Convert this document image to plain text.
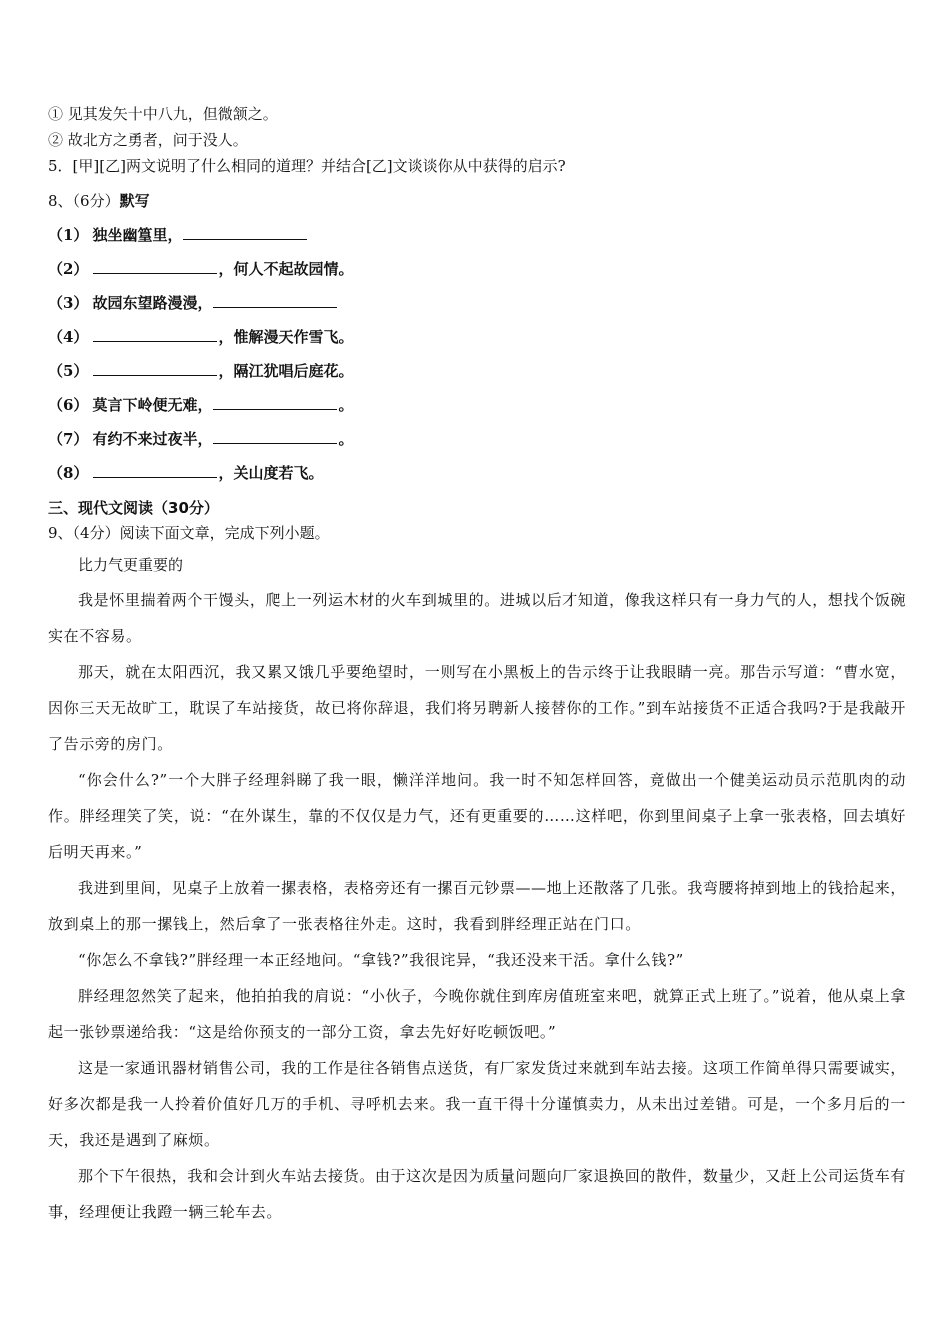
① 见其发矢十中八九，但微颔之。
② 故北方之勇者，问于没人。
5．[甲][乙]两文说明了什么相同的道理？并结合[乙]文谈谈你从中获得的启示?
8、（6分）默写
（1） 独坐幽篁里，
（2）	，何人不起故园情。
（3） 故园东望路漫漫，
（4）	，惟解漫天作雪飞。
（5）	，隔江犹唱后庭花。
（6） 莫言下岭便无难，	。
（7） 有约不来过夜半，	。
（8）	，关山度若飞。
三、现代文阅读（30分）
9、（4分）阅读下面文章，完成下列小题。
比力气更重要的
我是怀里揣着两个干馒头，爬上一列运木材的火车到城里的。进城以后才知道，像我这样只有一身力气的人，想找个饭碗实在不容易。
那天，就在太阳西沉，我又累又饿几乎要绝望时，一则写在小黑板上的告示终于让我眼睛一亮。那告示写道：“曹水宽，因你三天无故旷工，耽误了车站接货，故已将你辞退，我们将另聘新人接替你的工作。”到车站接货不正适合我吗?于是我敲开了告示旁的房门。
“你会什么?”一个大胖子经理斜睇了我一眼，懒洋洋地问。我一时不知怎样回答，竟做出一个健美运动员示范肌肉的动作。胖经理笑了笑，说：“在外谋生，靠的不仅仅是力气，还有更重要的……这样吧，你到里间桌子上拿一张表格，回去填好后明天再来。”
我进到里间，见桌子上放着一摞表格，表格旁还有一摞百元钞票——地上还散落了几张。我弯腰将掉到地上的钱拾起来，放到桌上的那一摞钱上，然后拿了一张表格往外走。这时，我看到胖经理正站在门口。
“你怎么不拿钱?”胖经理一本正经地问。“拿钱?”我很诧异，“我还没来干活。拿什么钱?”
胖经理忽然笑了起来，他拍拍我的肩说：“小伙子，今晚你就住到库房值班室来吧，就算正式上班了。”说着，他从桌上拿起一张钞票递给我：“这是给你预支的一部分工资，拿去先好好吃顿饭吧。”
这是一家通讯器材销售公司，我的工作是往各销售点送货，有厂家发货过来就到车站去接。这项工作简单得只需要诚实，好多次都是我一人拎着价值好几万的手机、寻呼机去来。我一直干得十分谨慎卖力，从未出过差错。可是，一个多月后的一天，我还是遇到了麻烦。
那个下午很热，我和会计到火车站去接货。由于这次是因为质量问题向厂家退换回的散件，数量少，又赶上公司运货车有事，经理便让我蹬一辆三轮车去。
